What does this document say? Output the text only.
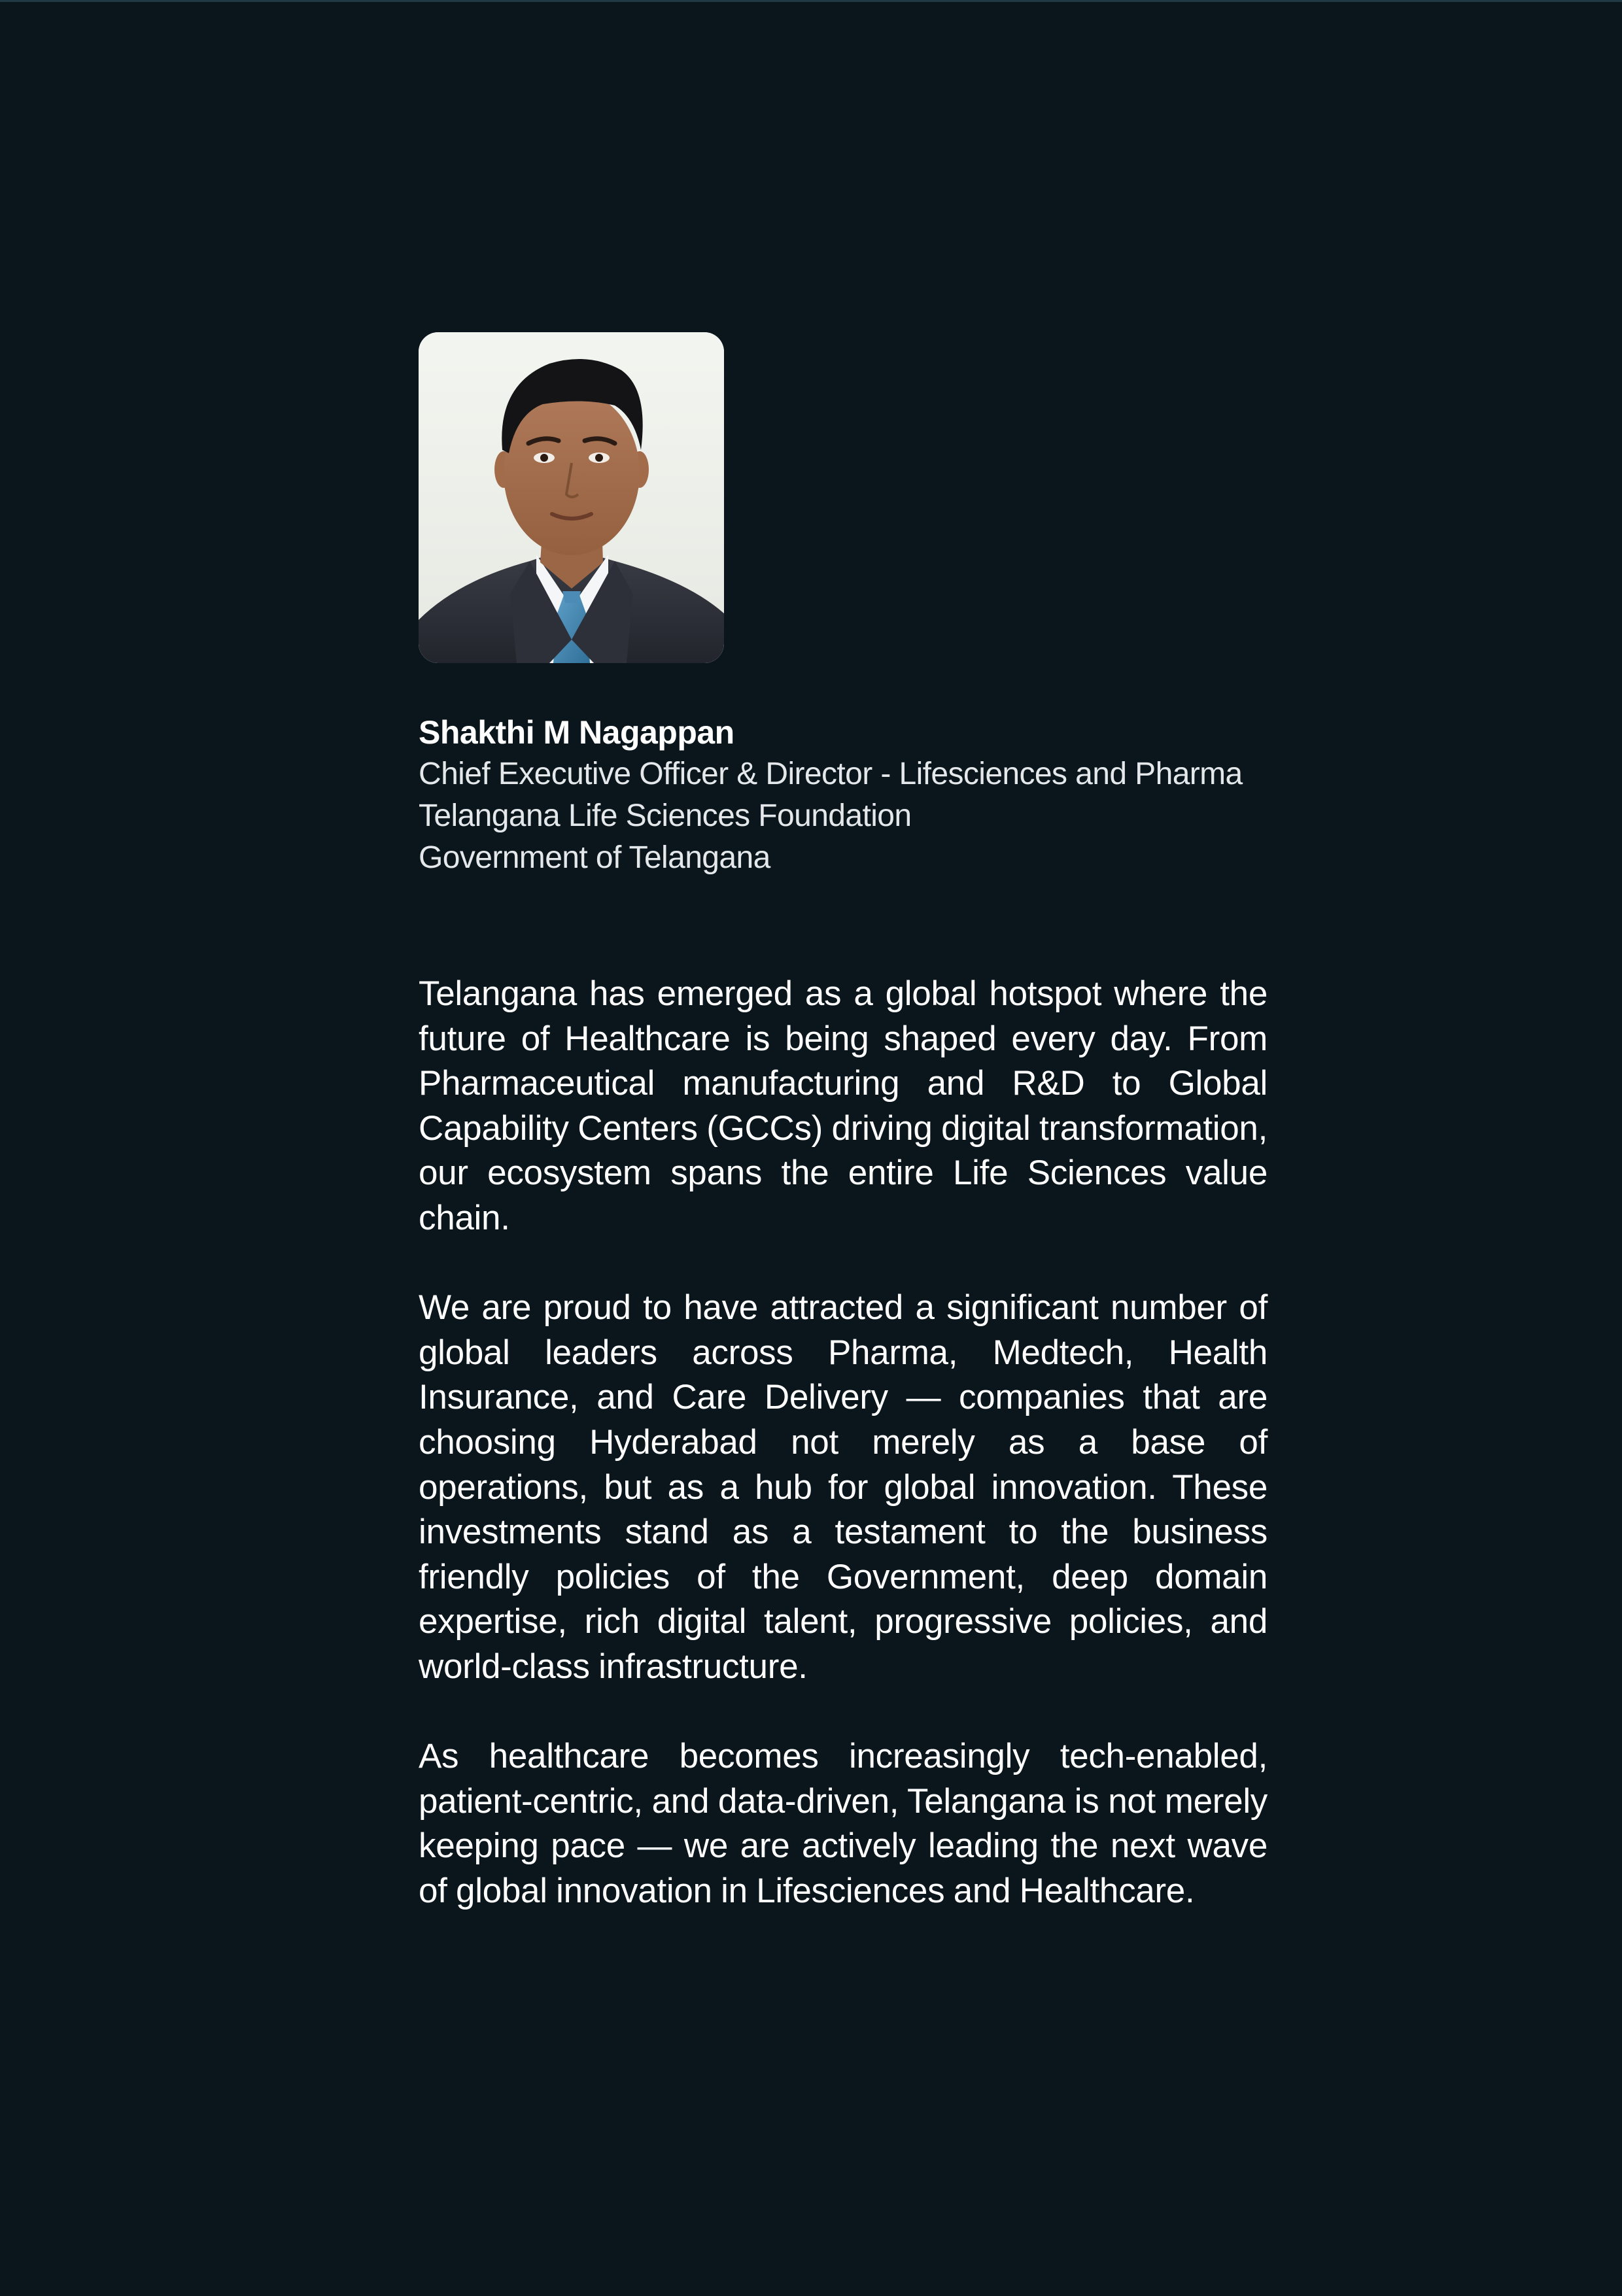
Shakthi M Nagappan

Chief Executive Officer & Director - Lifesciences and Pharma

Telangana Life Sciences Foundation

Government of Telangana

Telangana has emerged as a global hotspot where the future of Healthcare is being shaped every day. From Pharmaceutical manufacturing and R&D to Global Capability Centers (GCCs) driving digital transformation, our ecosystem spans the entire Life Sciences value chain.

We are proud to have attracted a significant number of global leaders across Pharma, Medtech, Health Insurance, and Care Delivery — companies that are choosing Hyderabad not merely as a base of operations, but as a hub for global innovation. These investments stand as a testament to the business friendly policies of the Government, deep domain expertise, rich digital talent, progressive policies, and world-class infrastructure.

As healthcare becomes increasingly tech-enabled, patient-centric, and data-driven, Telangana is not merely keeping pace — we are actively leading the next wave of global innovation in Lifesciences and Healthcare.
